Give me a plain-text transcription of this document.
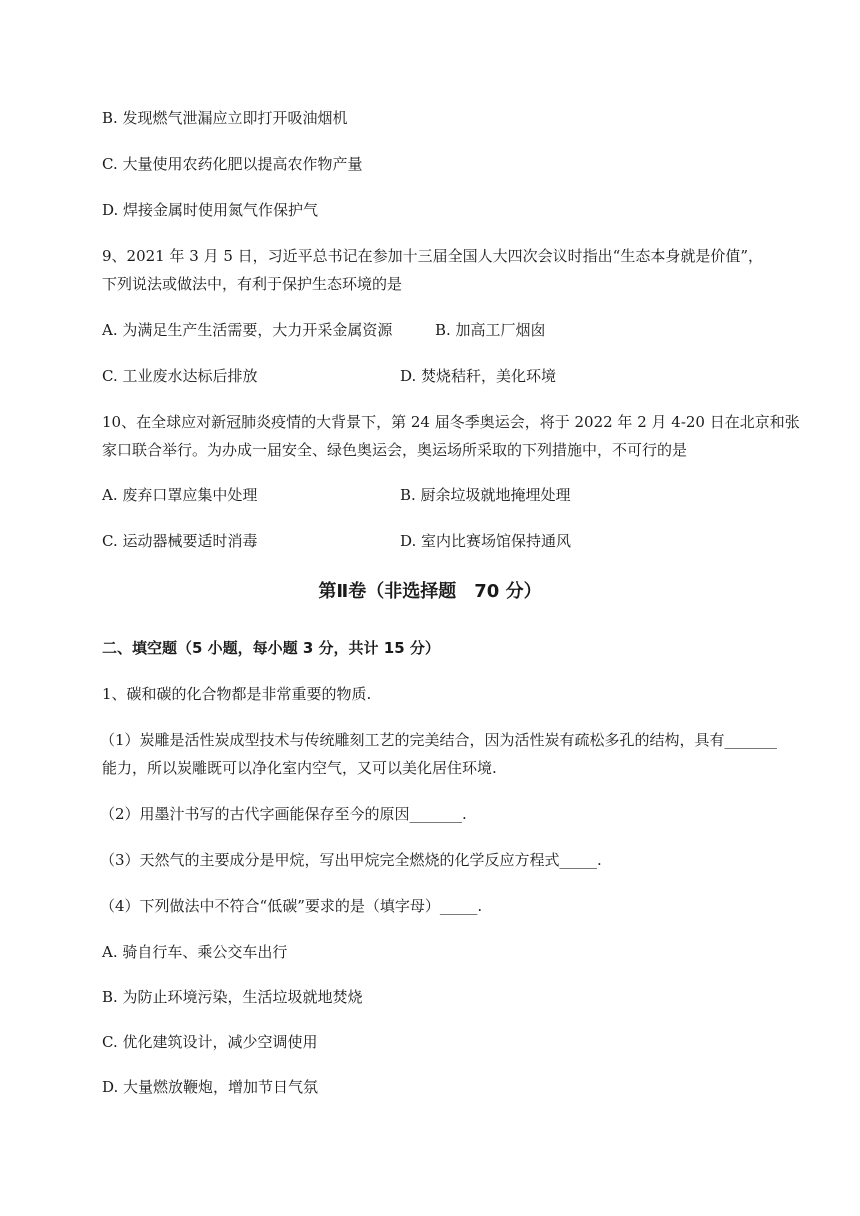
B. 发现燃气泄漏应立即打开吸油烟机
C. 大量使用农药化肥以提高农作物产量
D. 焊接金属时使用氮气作保护气
9、2021 年 3 月 5 日，习近平总书记在参加十三届全国人大四次会议时指出“生态本身就是价值”，
下列说法或做法中，有利于保护生态环境的是
A. 为满足生产生活需要，大力开采金属资源	B. 加高工厂烟囱
C. 工业废水达标后排放	D. 焚烧秸秆，美化环境
10、在全球应对新冠肺炎疫情的大背景下，第 24 届冬季奥运会，将于 2022 年 2 月 4-20 日在北京和张
家口联合举行。为办成一届安全、绿色奥运会，奥运场所采取的下列措施中，不可行的是
A. 废弃口罩应集中处理	B. 厨余垃圾就地掩埋处理
C. 运动器械要适时消毒	D. 室内比赛场馆保持通风
第Ⅱ卷（非选择题　70 分）
二、填空题（5 小题，每小题 3 分，共计 15 分）
1、碳和碳的化合物都是非常重要的物质.
（1）炭雕是活性炭成型技术与传统雕刻工艺的完美结合，因为活性炭有疏松多孔的结构，具有_______
能力，所以炭雕既可以净化室内空气，又可以美化居住环境.
（2）用墨汁书写的古代字画能保存至今的原因_______.
（3）天然气的主要成分是甲烷，写出甲烷完全燃烧的化学反应方程式_____.
（4）下列做法中不符合“低碳”要求的是（填字母）_____.
A. 骑自行车、乘公交车出行
B. 为防止环境污染，生活垃圾就地焚烧
C. 优化建筑设计，减少空调使用
D. 大量燃放鞭炮，增加节日气氛
